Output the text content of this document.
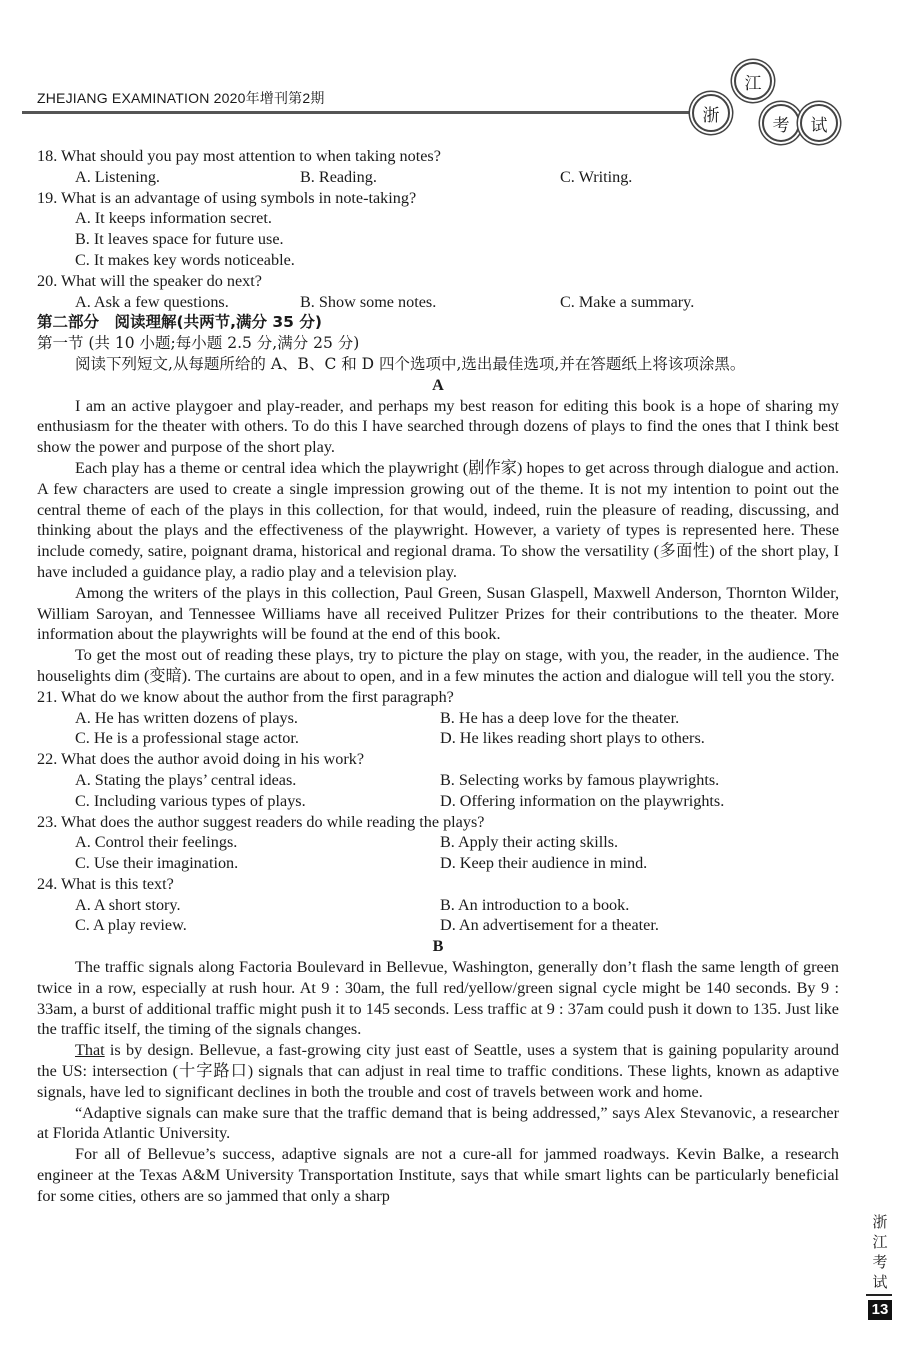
ZHEJIANG EXAMINATION 2020年增刊第2期
浙
江
考	试
18. What should you pay most attention to when taking notes?
A. Listening.	B. Reading.	C. Writing.
19. What is an advantage of using symbols in note-taking?
A. It keeps information secret.
B. It leaves space for future use.
C. It makes key words noticeable.
20. What will the speaker do next?
A. Ask a few questions.	B. Show some notes.	C. Make a summary.
第二部分　阅读理解(共两节,满分 35 分)
第一节 (共 10 小题;每小题 2.5 分,满分 25 分)

阅读下列短文,从每题所给的 A、B、C 和 D 四个选项中,选出最佳选项,并在答题纸上将该项涂黑。

A

I am an active playgoer and play-reader, and perhaps my best reason for editing this book is a hope of sharing my enthusiasm for the theater with others. To do this I have searched through dozens of plays to find the ones that I think best show the power and purpose of the short play.

Each play has a theme or central idea which the playwright (剧作家) hopes to get across through dialogue and action. A few characters are used to create a single impression growing out of the theme. It is not my intention to point out the central theme of each of the plays in this collection, for that would, indeed, ruin the pleasure of reading, discussing, and thinking about the plays and the effectiveness of the playwright. However, a variety of types is represented here. These include comedy, satire, poignant drama, historical and regional drama. To show the versatility (多面性) of the short play, I have included a guidance play, a radio play and a television play.

Among the writers of the plays in this collection, Paul Green, Susan Glaspell, Maxwell Anderson, Thornton Wilder, William Saroyan, and Tennessee Williams have all received Pulitzer Prizes for their contributions to the theater. More information about the playwrights will be found at the end of this book.

To get the most out of reading these plays, try to picture the play on stage, with you, the reader, in the audience. The houselights dim (变暗). The curtains are about to open, and in a few minutes the action and dialogue will tell you the story.

21. What do we know about the author from the first paragraph?
A. He has written dozens of plays.	B. He has a deep love for the theater.
C. He is a professional stage actor.	D. He likes reading short plays to others.
22. What does the author avoid doing in his work?
A. Stating the plays’ central ideas.	B. Selecting works by famous playwrights.
C. Including various types of plays.	D. Offering information on the playwrights.
23. What does the author suggest readers do while reading the plays?
A. Control their feelings.	B. Apply their acting skills.
C. Use their imagination.	D. Keep their audience in mind.
24. What is this text?
A. A short story.	B. An introduction to a book.
C. A play review.	D. An advertisement for a theater.
B

The traffic signals along Factoria Boulevard in Bellevue, Washington, generally don’t flash the same length of green twice in a row, especially at rush hour. At 9 : 30am, the full red/yellow/green signal cycle might be 140 seconds. By 9 : 33am, a burst of additional traffic might push it to 145 seconds. Less traffic at 9 : 37am could push it down to 135. Just like the traffic itself, the timing of the signals changes.

That is by design. Bellevue, a fast-growing city just east of Seattle, uses a system that is gaining popularity around the US: intersection (十字路口) signals that can adjust in real time to traffic conditions. These lights, known as adaptive signals, have led to significant declines in both the trouble and cost of travels between work and home.

“Adaptive signals can make sure that the traffic demand that is being addressed,” says Alex Stevanovic, a researcher at Florida Atlantic University.

For all of Bellevue’s success, adaptive signals are not a cure-all for jammed roadways. Kevin Balke, a research engineer at the Texas A&M University Transportation Institute, says that while smart lights can be particularly beneficial for some cities, others are so jammed that only a sharp

浙江考试
13
